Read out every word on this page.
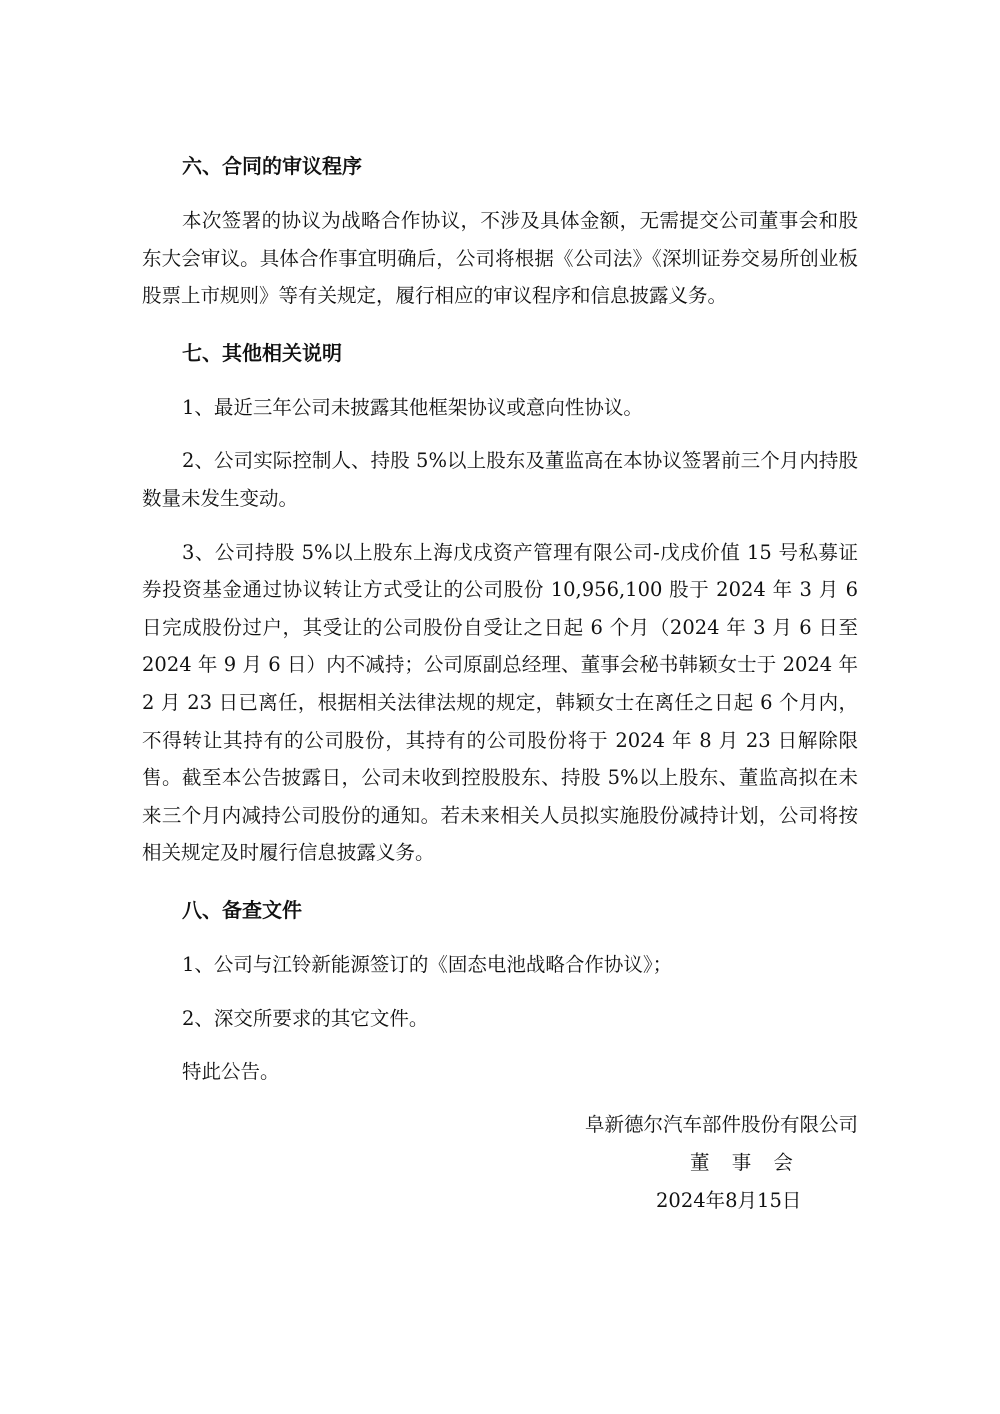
六、合同的审议程序

本次签署的协议为战略合作协议，不涉及具体金额，无需提交公司董事会和股东大会审议。具体合作事宜明确后，公司将根据《公司法》《深圳证券交易所创业板股票上市规则》等有关规定，履行相应的审议程序和信息披露义务。

七、其他相关说明

1、最近三年公司未披露其他框架协议或意向性协议。

2、公司实际控制人、持股 5%以上股东及董监高在本协议签署前三个月内持股数量未发生变动。

3、公司持股 5%以上股东上海戊戌资产管理有限公司-戊戌价值 15 号私募证券投资基金通过协议转让方式受让的公司股份 10,956,100 股于 2024 年 3 月 6 日完成股份过户，其受让的公司股份自受让之日起 6 个月（2024 年 3 月 6 日至 2024 年 9 月 6 日）内不减持；公司原副总经理、董事会秘书韩颖女士于 2024 年 2 月 23 日已离任，根据相关法律法规的规定，韩颖女士在离任之日起 6 个月内，不得转让其持有的公司股份，其持有的公司股份将于 2024 年 8 月 23 日解除限售。截至本公告披露日，公司未收到控股股东、持股 5%以上股东、董监高拟在未来三个月内减持公司股份的通知。若未来相关人员拟实施股份减持计划，公司将按相关规定及时履行信息披露义务。

八、备查文件

1、公司与江铃新能源签订的《固态电池战略合作协议》；

2、深交所要求的其它文件。

特此公告。

阜新德尔汽车部件股份有限公司

董 事 会

2024年8月15日
